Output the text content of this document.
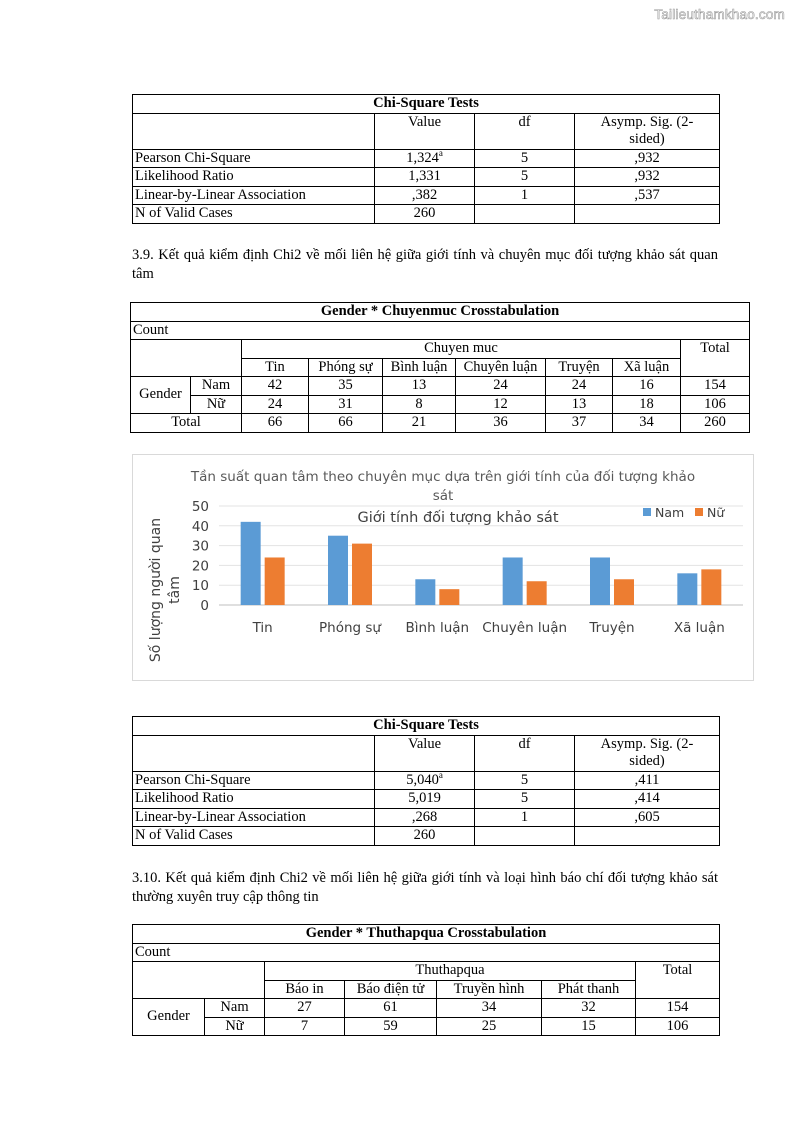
Tailieuthamkhao.com
Chi-Square Tests			
	Value	df	Asymp. Sig. (2-
sided)
Pearson Chi-Square	1,324$^a$	5	,932
Likelihood Ratio	1,331	5	,932
Linear-by-Linear Association	,382	1	,537
N of Valid Cases	260		
3.9. Kết quả kiểm định Chi2 về mối liên hệ giữa giới tính và chuyên mục đối tượng khảo sát quan tâm
Gender * Chuyenmuc Crosstabulation								
Count								
		Chuyen muc						Total
		Tin	Phóng sự	Bình luận	Chuyên luận	Truyện	Xã luận	
Gender	Nam	42	35	13	24	24	16	154
	Nữ	24	31	8	12	13	18	106
Total		66	66	21	36	37	34	260
Tần suất quan tâm theo chuyên mục dựa trên giới tính của đối tượng khảo
sát
Giới tính đối tượng khảo sát
Số lượng người quan tâm
0
10
20
30
40
50
Tin	Phóng sự Bình luận Chuyên luận Truyện	Xã luận
Nam Nữ
Chi-Square Tests			
	Value	df	Asymp. Sig. (2-
sided)
Pearson Chi-Square	5,040$^a$	5	,411
Likelihood Ratio	5,019	5	,414
Linear-by-Linear Association	,268	1	,605
N of Valid Cases	260		
3.10. Kết quả kiểm định Chi2 về mối liên hệ giữa giới tính và loại hình báo chí đối tượng khảo sát thường xuyên truy cập thông tin
Gender * Thuthapqua Crosstabulation						
Count						
		Thuthapqua				Total
		Báo in	Báo điện tử	Truyền hình	Phát thanh	
Gender	Nam	27	61	34	32	154
	Nữ	7	59	25	15	106
